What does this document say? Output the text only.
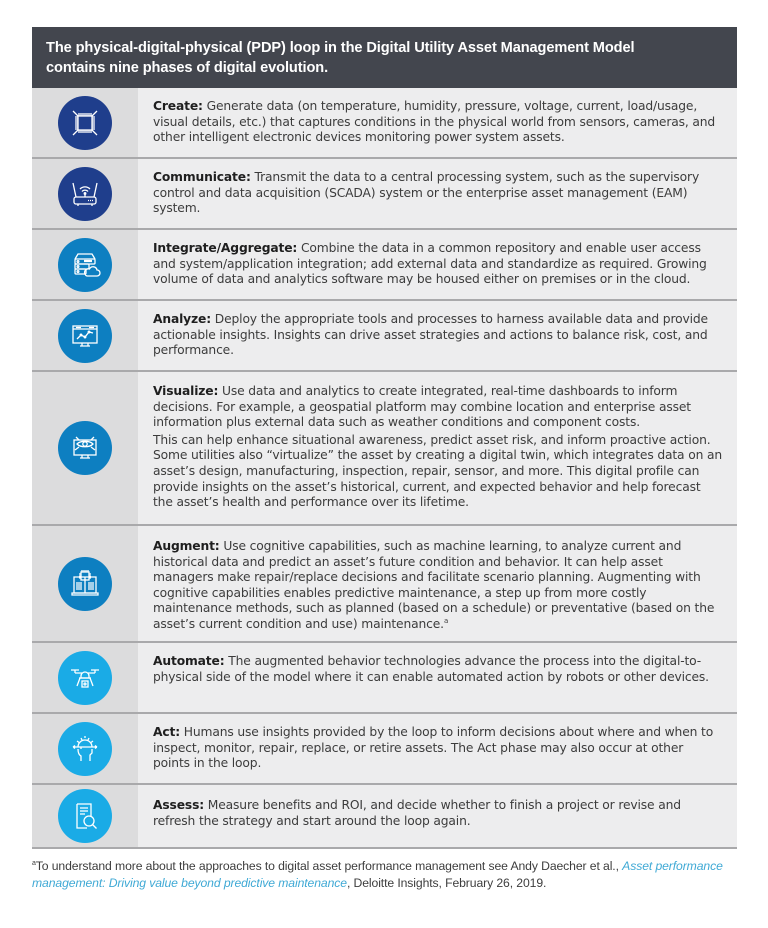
The physical-digital-physical (PDP) loop in the Digital Utility Asset Management Model
contains nine phases of digital evolution.

Create: Generate data (on temperature, humidity, pressure, voltage, current, load/usage, visual details, etc.) that captures conditions in the physical world from sensors, cameras, and other intelligent electronic devices monitoring power system assets.

Communicate: Transmit the data to a central processing system, such as the supervisory control and data acquisition (SCADA) system or the enterprise asset management (EAM) system.

Integrate/Aggregate: Combine the data in a common repository and enable user access and system/application integration; add external data and standardize as required. Growing volume of data and analytics software may be housed either on premises or in the cloud.

Analyze: Deploy the appropriate tools and processes to harness available data and provide actionable insights. Insights can drive asset strategies and actions to balance risk, cost, and performance.

Visualize: Use data and analytics to create integrated, real-time dashboards to inform decisions. For example, a geospatial platform may combine location and enterprise asset information plus external data such as weather conditions and component costs.

This can help enhance situational awareness, predict asset risk, and inform proactive action. Some utilities also “virtualize” the asset by creating a digital twin, which integrates data on an asset’s design, manufacturing, inspection, repair, sensor, and more. This digital profile can provide insights on the asset’s historical, current, and expected behavior and help forecast the asset’s health and performance over its lifetime.

Augment: Use cognitive capabilities, such as machine learning, to analyze current and historical data and predict an asset’s future condition and behavior. It can help asset managers make repair/replace decisions and facilitate scenario planning. Augmenting with cognitive capabilities enables predictive maintenance, a step up from more costly maintenance methods, such as planned (based on a schedule) or preventative (based on the asset’s current condition and use) maintenance.$^a$

Automate: The augmented behavior technologies advance the process into the digital-to-physical side of the model where it can enable automated action by robots or other devices.

Act: Humans use insights provided by the loop to inform decisions about where and when to inspect, monitor, repair, replace, or retire assets. The Act phase may also occur at other points in the loop.

Assess: Measure benefits and ROI, and decide whether to finish a project or revise and refresh the strategy and start around the loop again.

$^a$To understand more about the approaches to digital asset performance management see Andy Daecher et al., Asset performance management: Driving value beyond predictive maintenance, Deloitte Insights, February 26, 2019.
